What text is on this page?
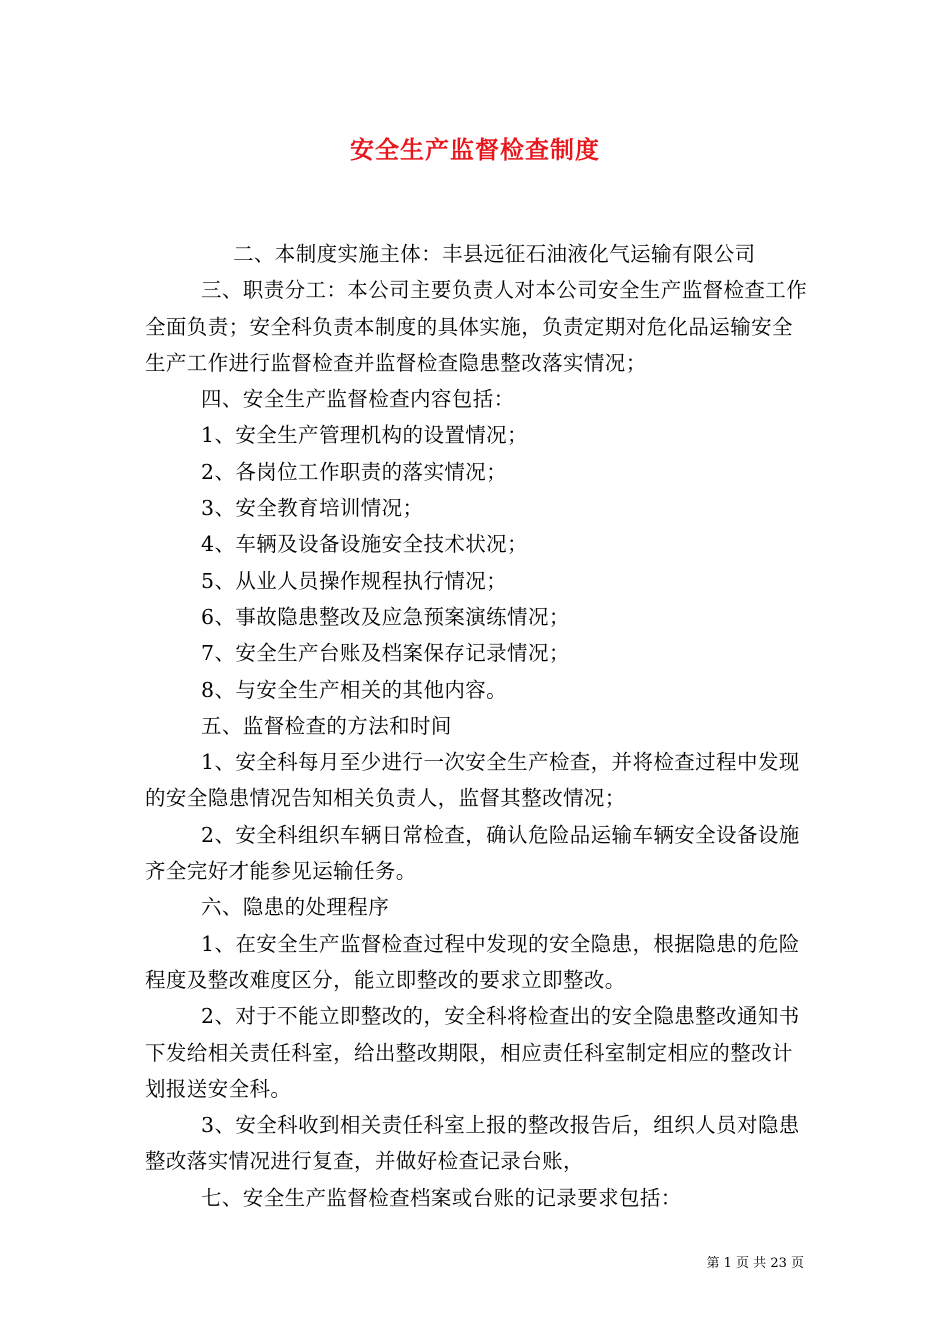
安全生产监督检查制度

二、本制度实施主体：丰县远征石油液化气运输有限公司

三、职责分工：本公司主要负责人对本公司安全生产监督检查工作全面负责；安全科负责本制度的具体实施，负责定期对危化品运输安全生产工作进行监督检查并监督检查隐患整改落实情况；

四、安全生产监督检查内容包括：

1、安全生产管理机构的设置情况；

2、各岗位工作职责的落实情况；

3、安全教育培训情况；

4、车辆及设备设施安全技术状况；

5、从业人员操作规程执行情况；

6、事故隐患整改及应急预案演练情况；

7、安全生产台账及档案保存记录情况；

8、与安全生产相关的其他内容。

五、监督检查的方法和时间

1、安全科每月至少进行一次安全生产检查，并将检查过程中发现的安全隐患情况告知相关负责人，监督其整改情况；

2、安全科组织车辆日常检查，确认危险品运输车辆安全设备设施齐全完好才能参见运输任务。

六、隐患的处理程序

1、在安全生产监督检查过程中发现的安全隐患，根据隐患的危险程度及整改难度区分，能立即整改的要求立即整改。

2、对于不能立即整改的，安全科将检查出的安全隐患整改通知书下发给相关责任科室，给出整改期限，相应责任科室制定相应的整改计划报送安全科。

3、安全科收到相关责任科室上报的整改报告后，组织人员对隐患整改落实情况进行复查，并做好检查记录台账，

七、安全生产监督检查档案或台账的记录要求包括：

第 1 页 共 23 页
